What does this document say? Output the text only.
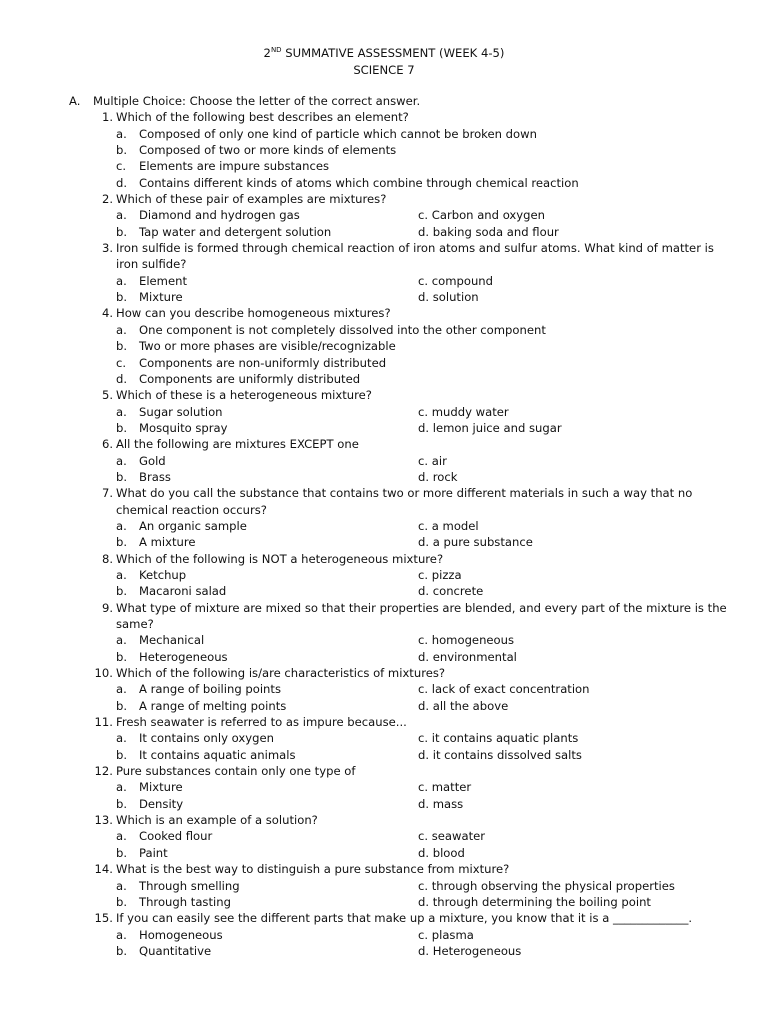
2ND SUMMATIVE ASSESSMENT (WEEK 4-5)
SCIENCE 7
A. Multiple Choice: Choose the letter of the correct answer.
1. Which of the following best describes an element?
a. Composed of only one kind of particle which cannot be broken down
b. Composed of two or more kinds of elements
c. Elements are impure substances
d. Contains different kinds of atoms which combine through chemical reaction
2. Which of these pair of examples are mixtures?
a. Diamond and hydrogen gas	c. Carbon and oxygen
b. Tap water and detergent solution	d. baking soda and flour
3. Iron sulfide is formed through chemical reaction of iron atoms and sulfur atoms. What kind of matter is
iron sulfide?
a. Element	c. compound
b. Mixture	d. solution
4. How can you describe homogeneous mixtures?
a. One component is not completely dissolved into the other component
b. Two or more phases are visible/recognizable
c. Components are non-uniformly distributed
d. Components are uniformly distributed
5. Which of these is a heterogeneous mixture?
a. Sugar solution	c. muddy water
b. Mosquito spray	d. lemon juice and sugar
6. All the following are mixtures EXCEPT one
a. Gold	c. air
b. Brass	d. rock
7. What do you call the substance that contains two or more different materials in such a way that no
chemical reaction occurs?
a. An organic sample	c. a model
b. A mixture	d. a pure substance
8. Which of the following is NOT a heterogeneous mixture?
a. Ketchup	c. pizza
b. Macaroni salad	d. concrete
9. What type of mixture are mixed so that their properties are blended, and every part of the mixture is the
same?
a. Mechanical	c. homogeneous
b. Heterogeneous	d. environmental
10. Which of the following is/are characteristics of mixtures?
a. A range of boiling points	c. lack of exact concentration
b. A range of melting points	d. all the above
11. Fresh seawater is referred to as impure because...
a. It contains only oxygen	c. it contains aquatic plants
b. It contains aquatic animals	d. it contains dissolved salts
12. Pure substances contain only one type of
a. Mixture	c. matter
b. Density	d. mass
13. Which is an example of a solution?
a. Cooked flour	c. seawater
b. Paint	d. blood
14. What is the best way to distinguish a pure substance from mixture?
a. Through smelling	c. through observing the physical properties
b. Through tasting	d. through determining the boiling point
15. If you can easily see the different parts that make up a mixture, you know that it is a _____________.
a. Homogeneous	c. plasma
b. Quantitative	d. Heterogeneous
